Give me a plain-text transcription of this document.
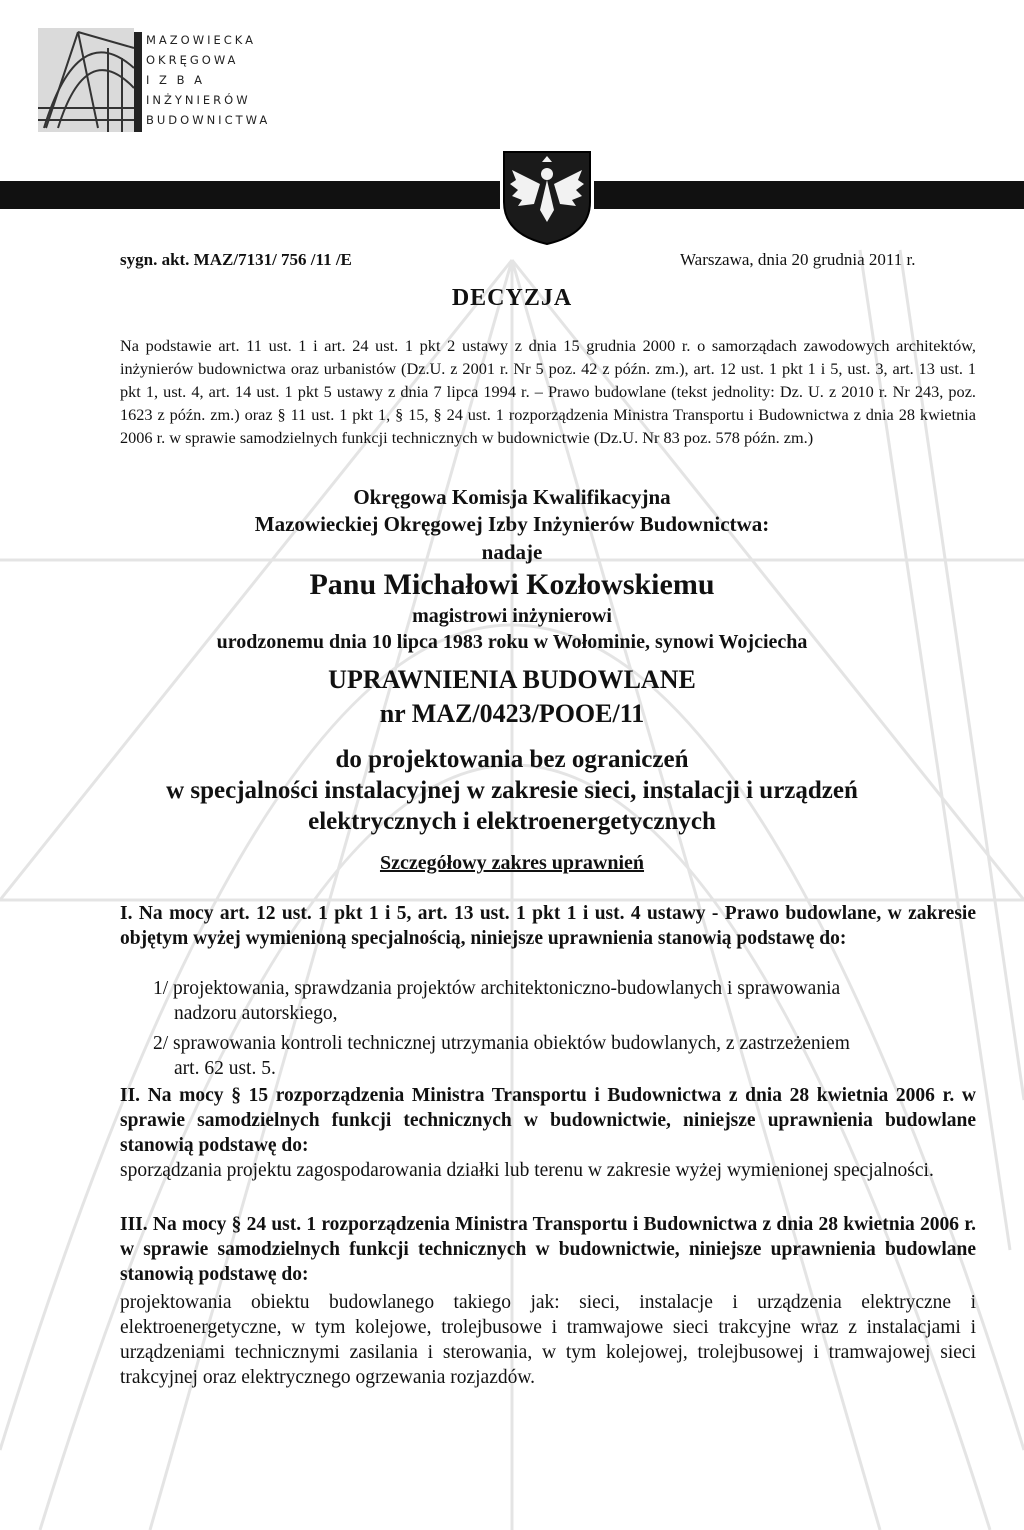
MAZOWIECKA
OKRĘGOWA
I Z B A
INŻYNIERÓW
BUDOWNICTWA
sygn. akt. MAZ/7131/ 756 /11 /E	Warszawa, dnia 20 grudnia 2011 r.
DECYZJA
Na podstawie art. 11 ust. 1 i art. 24 ust. 1 pkt 2 ustawy z dnia 15 grudnia 2000 r. o samorządach zawodowych architektów, inżynierów budownictwa oraz urbanistów (Dz.U. z 2001 r. Nr 5 poz. 42 z późn. zm.), art. 12 ust. 1 pkt 1 i 5, ust. 3, art. 13 ust. 1 pkt 1, ust. 4, art. 14 ust. 1 pkt 5 ustawy z dnia 7 lipca 1994 r. – Prawo budowlane (tekst jednolity: Dz. U. z 2010 r. Nr 243, poz. 1623 z późn. zm.) oraz § 11 ust. 1 pkt 1, § 15, § 24 ust. 1 rozporządzenia Ministra Transportu i Budownictwa z dnia 28 kwietnia 2006 r. w sprawie samodzielnych funkcji technicznych w budownictwie (Dz.U. Nr 83 poz. 578 późn. zm.)
Okręgowa Komisja Kwalifikacyjna
Mazowieckiej Okręgowej Izby Inżynierów Budownictwa:
nadaje
Panu Michałowi Kozłowskiemu
magistrowi inżynierowi
urodzonemu dnia 10 lipca 1983 roku w Wołominie, synowi Wojciecha
UPRAWNIENIA BUDOWLANE
nr MAZ/0423/POOE/11
do projektowania bez ograniczeń
w specjalności instalacyjnej w zakresie sieci, instalacji i urządzeń
elektrycznych i elektroenergetycznych
Szczegółowy zakres uprawnień
I. Na mocy art. 12 ust. 1 pkt 1 i 5, art. 13 ust. 1 pkt 1 i ust. 4 ustawy - Prawo budowlane, w zakresie objętym wyżej wymienioną specjalnością, niniejsze uprawnienia stanowią podstawę do:
1/ projektowania, sprawdzania projektów architektoniczno-budowlanych i sprawowania
nadzoru autorskiego,
2/ sprawowania kontroli technicznej utrzymania obiektów budowlanych, z zastrzeżeniem
art. 62 ust. 5.
II. Na mocy § 15 rozporządzenia Ministra Transportu i Budownictwa z dnia 28 kwietnia 2006 r. w sprawie samodzielnych funkcji technicznych w budownictwie, niniejsze uprawnienia budowlane stanowią podstawę do:
sporządzania projektu zagospodarowania działki lub terenu w zakresie wyżej wymienionej specjalności.
III. Na mocy § 24 ust. 1 rozporządzenia Ministra Transportu i Budownictwa z dnia 28 kwietnia 2006 r. w sprawie samodzielnych funkcji technicznych w budownictwie, niniejsze uprawnienia budowlane stanowią podstawę do:
projektowania obiektu budowlanego takiego jak: sieci, instalacje i urządzenia elektryczne i elektroenergetyczne, w tym kolejowe, trolejbusowe i tramwajowe sieci trakcyjne wraz z instalacjami i urządzeniami technicznymi zasilania i sterowania, w tym kolejowej, trolejbusowej i tramwajowej sieci trakcyjnej oraz elektrycznego ogrzewania rozjazdów.
